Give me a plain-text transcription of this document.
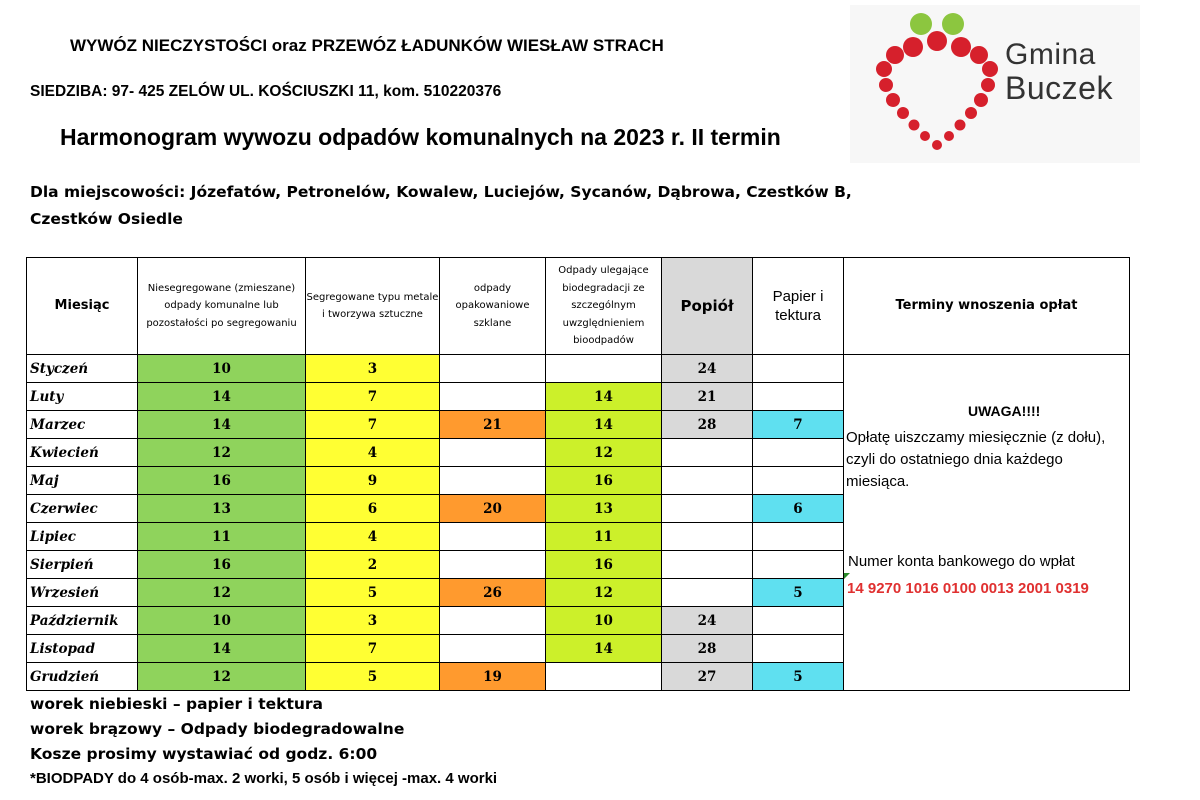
WYWÓZ NIECZYSTOŚCI oraz PRZEWÓZ ŁADUNKÓW WIESŁAW STRACH
SIEDZIBA: 97- 425 ZELÓW UL. KOŚCIUSZKI 11, kom. 510220376
Harmonogram wywozu odpadów komunalnych na 2023 r. II termin
Dla miejscowości: Józefatów, Petronelów, Kowalew, Luciejów, Sycanów, Dąbrowa, Czestków B,
Czestków Osiedle
Gmina
Buczek
Miesiąc	Niesegregowane (zmieszane) odpady komunalne lub pozostałości po segregowaniu	Segregowane typu metale i tworzywa sztuczne	odpady opakowaniowe szklane	Odpady ulegające biodegradacji ze szczególnym uwzględnieniem bioodpadów	Popiół	Papier i tektura	Terminy wnoszenia opłat
Styczeń	10	3			24		UWAGA!!!!
Opłatę uiszczamy miesięcznie (z dołu), czyli do ostatniego dnia każdego miesiąca.
Numer konta bankowego do wpłat
14 9270 1016 0100 0013 2001 0319

Luty	14	7		14	21		
Marzec	14	7	21	14	28	7	
Kwiecień	12	4		12			
Maj	16	9		16			
Czerwiec	13	6	20	13		6	
Lipiec	11	4		11			
Sierpień	16	2		16			
Wrzesień	12	5	26	12		5	
Październik	10	3		10	24		
Listopad	14	7		14	28		
Grudzień	12	5	19		27	5	
worek niebieski – papier i tektura
worek brązowy – Odpady biodegradowalne
Kosze prosimy wystawiać od godz. 6:00
*BIODPADY do 4 osób-max. 2 worki, 5 osób i więcej -max. 4 worki
